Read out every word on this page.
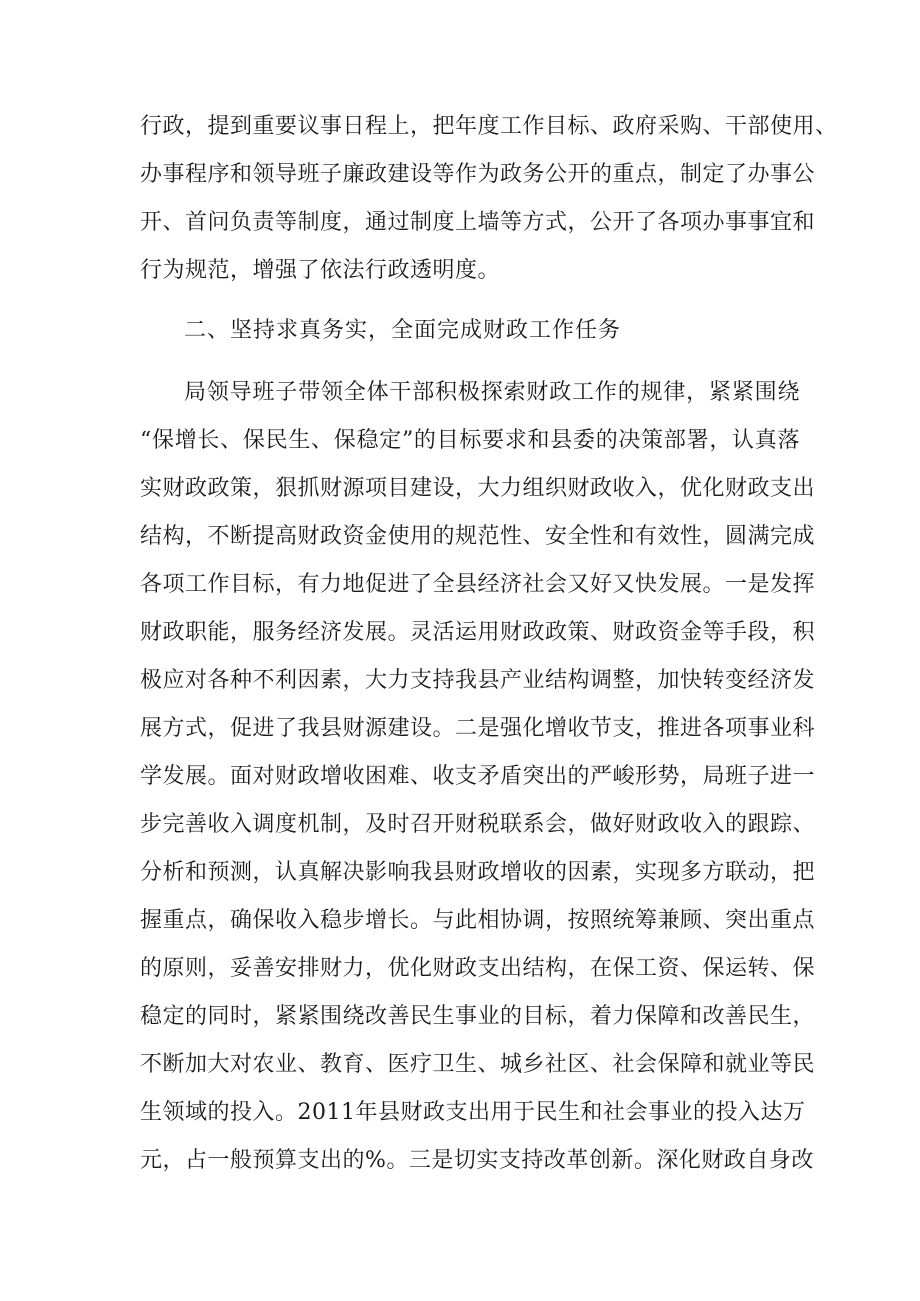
行政，提到重要议事日程上，把年度工作目标、政府采购、干部使用、
办事程序和领导班子廉政建设等作为政务公开的重点，制定了办事公
开、首问负责等制度，通过制度上墙等方式，公开了各项办事事宜和
行为规范，增强了依法行政透明度。
二、坚持求真务实，全面完成财政工作任务
局领导班子带领全体干部积极探索财政工作的规律，紧紧围绕
“保增长、保民生、保稳定”的目标要求和县委的决策部署，认真落
实财政政策，狠抓财源项目建设，大力组织财政收入，优化财政支出
结构，不断提高财政资金使用的规范性、安全性和有效性，圆满完成
各项工作目标，有力地促进了全县经济社会又好又快发展。一是发挥
财政职能，服务经济发展。灵活运用财政政策、财政资金等手段，积
极应对各种不利因素，大力支持我县产业结构调整，加快转变经济发
展方式，促进了我县财源建设。二是强化增收节支，推进各项事业科
学发展。面对财政增收困难、收支矛盾突出的严峻形势，局班子进一
步完善收入调度机制，及时召开财税联系会，做好财政收入的跟踪、
分析和预测，认真解决影响我县财政增收的因素，实现多方联动，把
握重点，确保收入稳步增长。与此相协调，按照统筹兼顾、突出重点
的原则，妥善安排财力，优化财政支出结构，在保工资、保运转、保
稳定的同时，紧紧围绕改善民生事业的目标，着力保障和改善民生，
不断加大对农业、教育、医疗卫生、城乡社区、社会保障和就业等民
生领域的投入。2011年县财政支出用于民生和社会事业的投入达万
元，占一般预算支出的%。三是切实支持改革创新。深化财政自身改
